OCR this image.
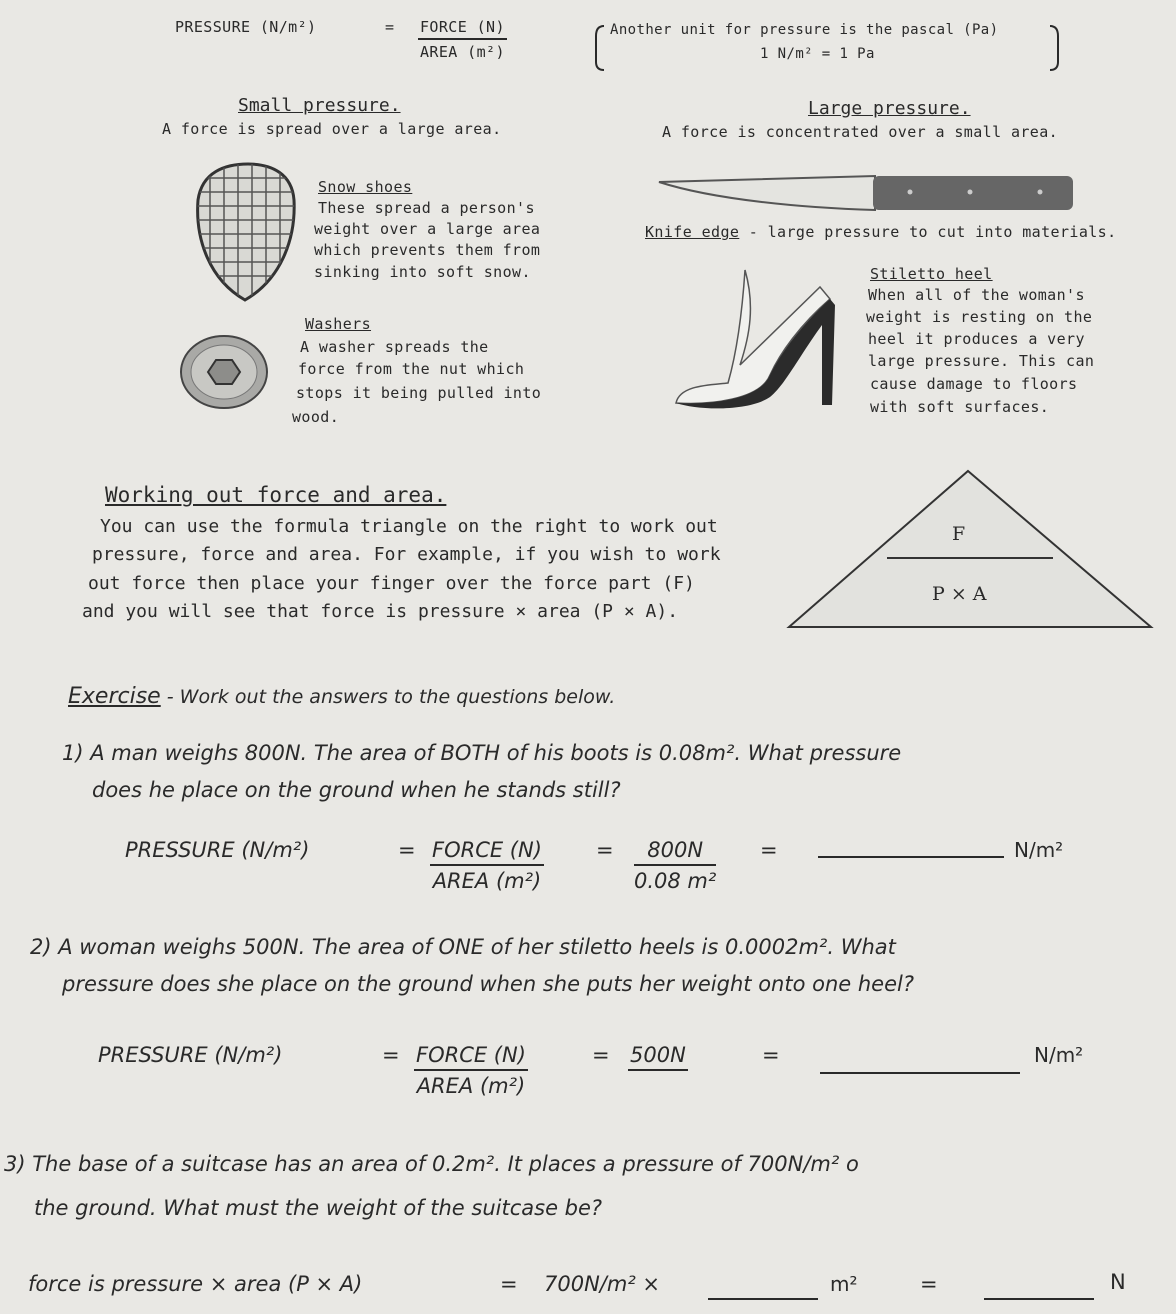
PRESSURE (N/m²)	= FORCE (N)
AREA (m²)
Another unit for pressure is the pascal (Pa)
1 N/m² = 1 Pa
Small pressure.
A force is spread over a large area.
Large pressure.
A force is concentrated over a small area.
Snow shoes
These spread a person's
weight over a large area
which prevents them from
sinking into soft snow.
Knife edge - large pressure to cut into materials.
Washers
A washer spreads the
force from the nut which
stops it being pulled into
wood.
Stiletto heel
When all of the woman's
weight is resting on the
heel it produces a very
large pressure. This can
cause damage to floors
with soft surfaces.
Working out force and area.
You can use the formula triangle on the right to work out
pressure, force and area. For example, if you wish to work
out force then place your finger over the force part (F)
and you will see that force is pressure × area (P × A).
F
P × A
Exercise - Work out the answers to the questions below.
1) A man weighs 800N. The area of BOTH of his boots is 0.08m². What pressure
does he place on the ground when he stands still?
PRESSURE (N/m²)	= FORCE (N)
AREA (m²)
= $\frac{800N}{\text{0.08 m²}}$ =	N/m²
2) A woman weighs 500N. The area of ONE of her stiletto heels is 0.0002m². What
pressure does she place on the ground when she puts her weight onto one heel?
PRESSURE (N/m²)	= FORCE (N)
AREA (m²)
= 500N	=	N/m²
3) The base of a suitcase has an area of 0.2m². It places a pressure of 700N/m² o
the ground. What must the weight of the suitcase be?
force is pressure × area (P × A)	= 700N/m² ×	m²	=	N
